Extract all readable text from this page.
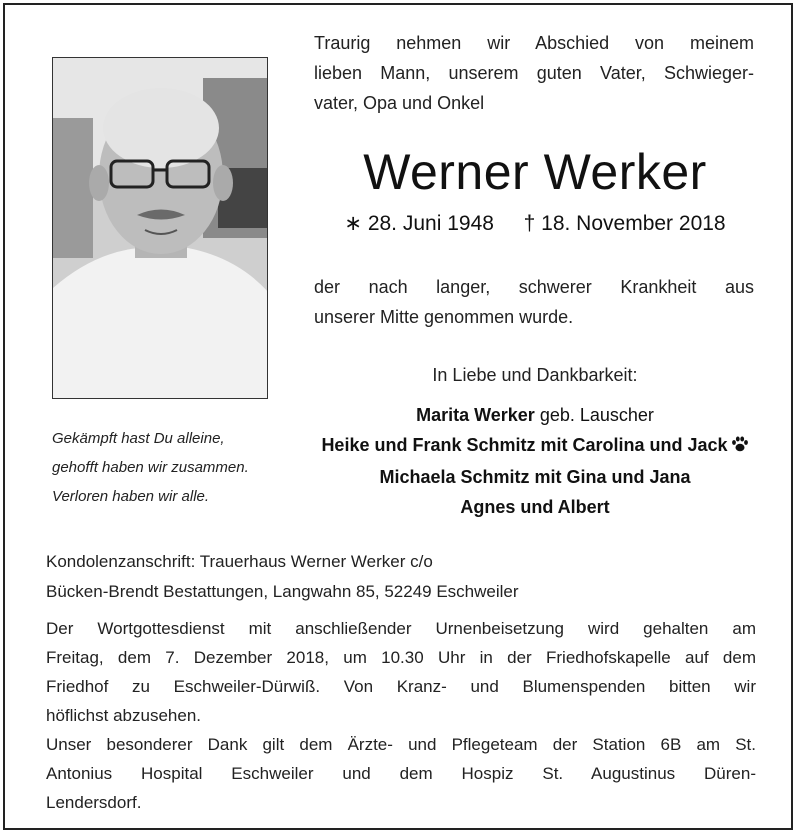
Traurig nehmen wir Abschied von meinem
lieben Mann, unserem guten Vater, Schwieger-
vater, Opa und Onkel
Werner Werker
∗ 28. Juni 1948 † 18. November 2018
der nach langer, schwerer Krankheit aus
unserer Mitte genommen wurde.
In Liebe und Dankbarkeit:
Marita Werker geb. Lauscher
Heike und Frank Schmitz mit Carolina und Jack
Michaela Schmitz mit Gina und Jana
Agnes und Albert
Gekämpft hast Du alleine,
gehofft haben wir zusammen.
Verloren haben wir alle.
Kondolenzanschrift: Trauerhaus Werner Werker c/o
Bücken-Brendt Bestattungen, Langwahn 85, 52249 Eschweiler
Der Wortgottesdienst mit anschließender Urnenbeisetzung wird gehalten am
Freitag, dem 7. Dezember 2018, um 10.30 Uhr in der Friedhofskapelle auf dem
Friedhof zu Eschweiler-Dürwiß. Von Kranz- und Blumenspenden bitten wir
höflichst abzusehen.
Unser besonderer Dank gilt dem Ärzte- und Pflegeteam der Station 6B am St.
Antonius Hospital Eschweiler und dem Hospiz St. Augustinus Düren-
Lendersdorf.
